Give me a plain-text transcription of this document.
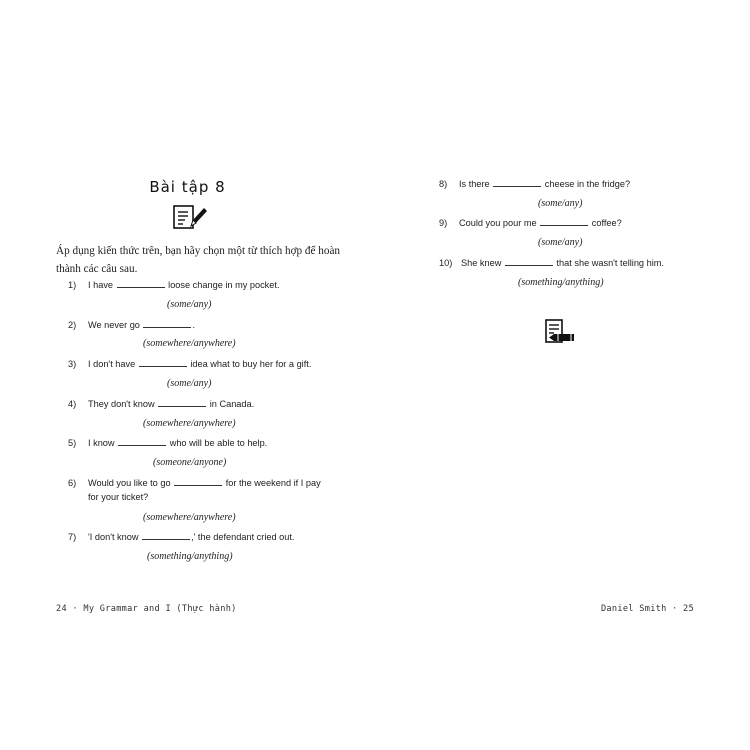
Bài tập 8
Áp dụng kiến thức trên, bạn hãy chọn một từ thích hợp để hoàn thành các câu sau.
1)	I have	loose change in my pocket.
(some/any)
2)	We never go	.
(somewhere/anywhere)
3)	I don't have	idea what to buy her for a gift.
(some/any)
4)	They don't know	in Canada.
(somewhere/anywhere)
5)	I know	who will be able to help.
(someone/anyone)
6)	Would you like to go	for the weekend if I pay
for your ticket?
(somewhere/anywhere)
7)	'I don't know	,' the defendant cried out.
(something/anything)
24 · My Grammar and I (Thực hành)
8)	Is there	cheese in the fridge?
(some/any)
9)	Could you pour me	coffee?
(some/any)
10) She knew	that she wasn't telling him.
(something/anything)
Daniel Smith · 25
